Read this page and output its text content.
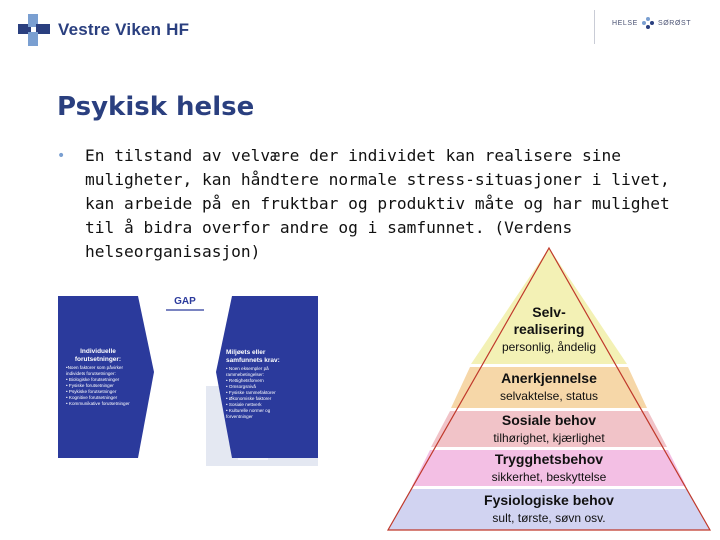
Vestre Viken HF	HELSE	SØRØST
Psykisk helse
•	En tilstand av velvære der individet kan realisere sine muligheter, kan håndtere normale stress-situasjoner i livet, kan arbeide på en fruktbar og produktiv måte og har mulighet til å bidra overfor andre og i samfunnet. (Verdens helseorganisasjon)

GAP
Individuelle
forutsetninger:
•Noen faktorer som påvirker
individets forutsetninger:
• Biologiske forutsetninger
• Fysiske forutsetninger
• Psykiske forutsetninger
• Kognitive forutsetninger
• Kommunikative forutsetninger
Miljøets eller
samfunnets krav:
• Noen eksempler på
rammebetingelser:
• Rettighetsforvern
• Omsorgsnivå
• Fysiske rammefaktorer
• Økonomiske faktorer
• Sosiale nettverk
• Kulturelle normer og
forventninger
Selv-
realisering
personlig, åndelig
Anerkjennelse
selvaktelse, status
Sosiale behov
tilhørighet, kjærlighet
Trygghetsbehov
sikkerhet, beskyttelse
Fysiologiske behov
sult, tørste, søvn osv.
